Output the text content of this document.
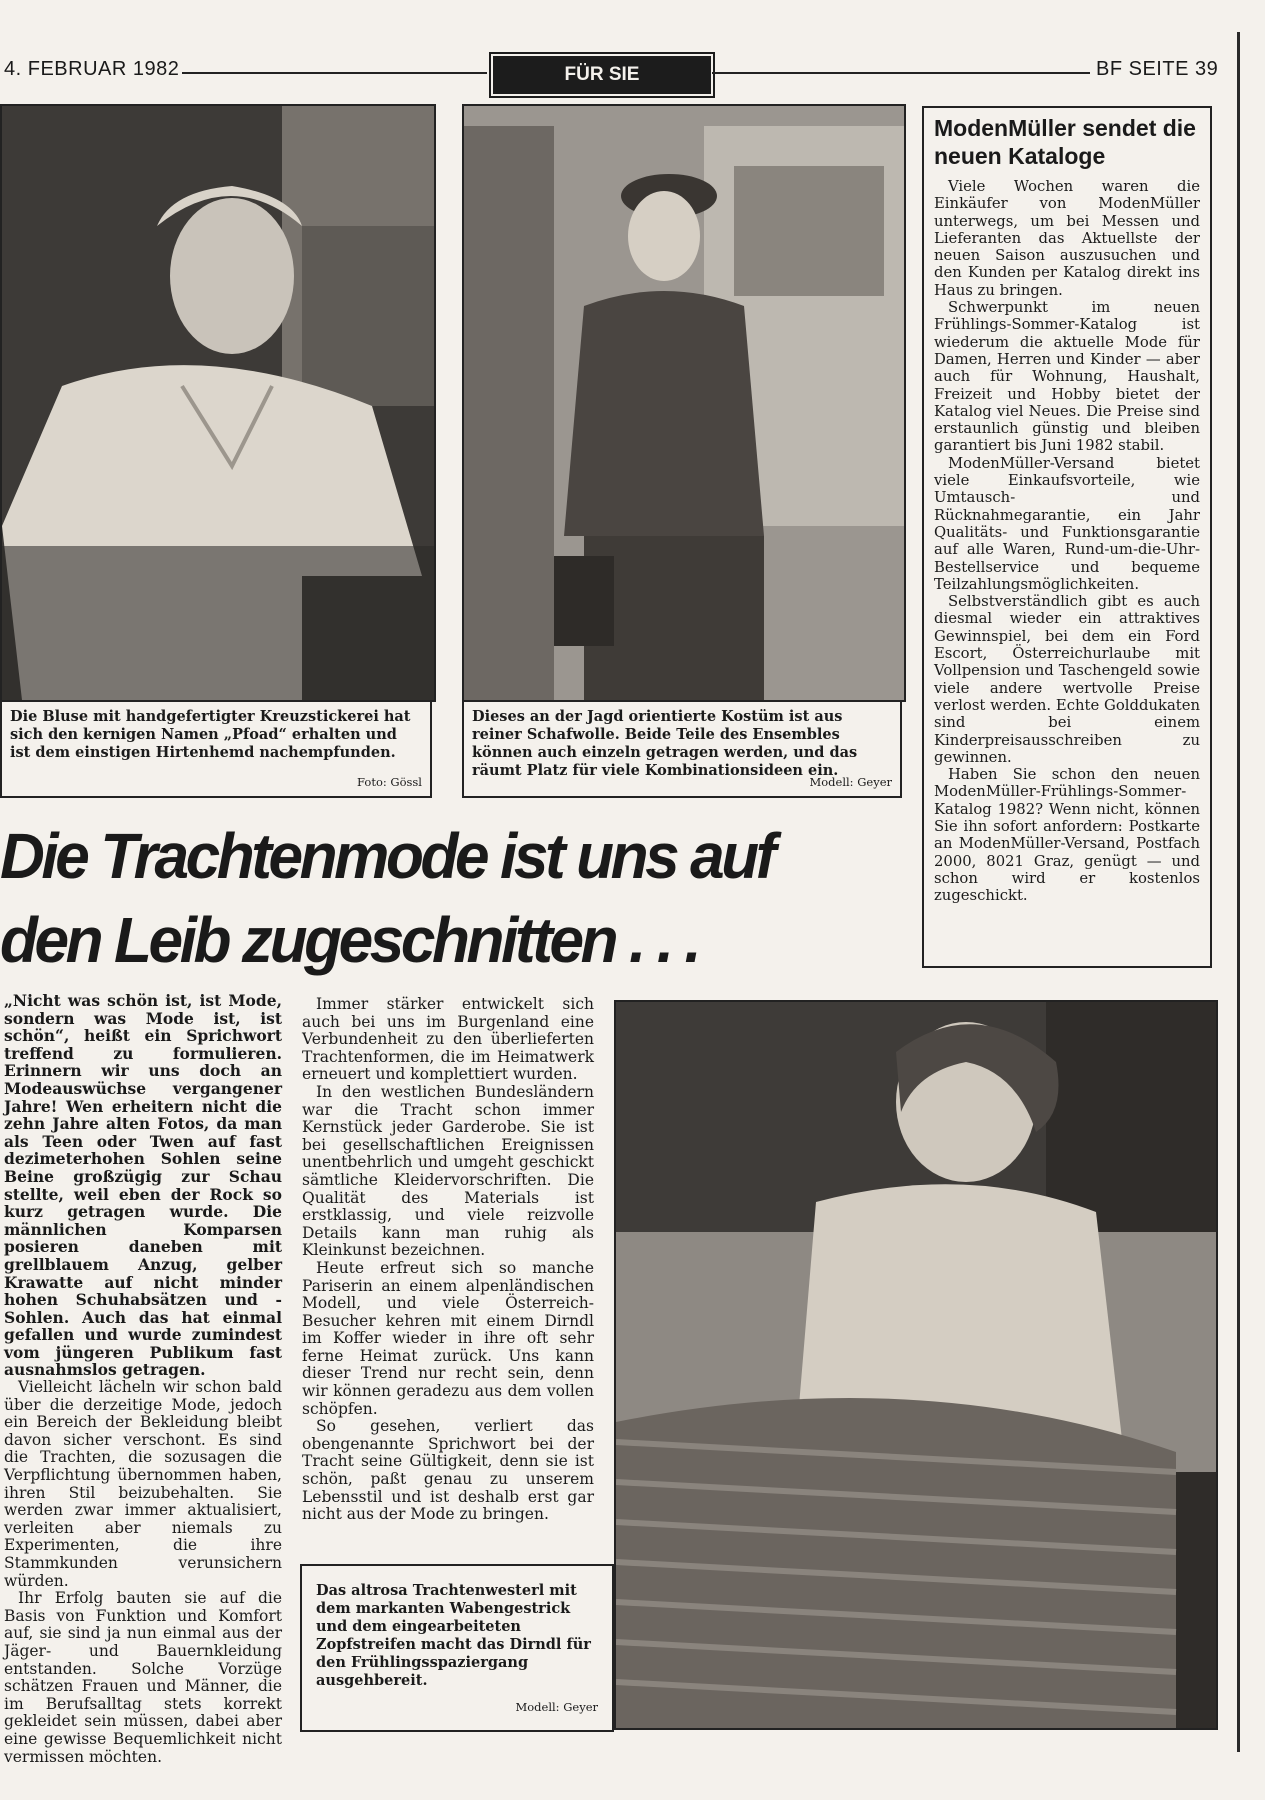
4. FEBRUAR 1982	FÜR SIE	BF SEITE 39
Die Bluse mit handgefertigter Kreuzstickerei hat sich den kernigen Namen „Pfoad“ erhalten und ist dem einstigen Hirtenhemd nachempfunden.
Foto: Gössl
Dieses an der Jagd orientierte Kostüm ist aus reiner Schafwolle. Beide Teile des Ensembles können auch einzeln getragen werden, und das räumt Platz für viele Kombinationsideen ein.
Modell: Geyer
ModenMüller sendet die neuen Kataloge

Viele Wochen waren die Einkäufer von ModenMüller unterwegs, um bei Messen und Lieferanten das Aktuellste der neuen Saison auszusuchen und den Kunden per Katalog direkt ins Haus zu bringen.

Schwerpunkt im neuen Frühlings-Sommer-Katalog ist wiederum die aktuelle Mode für Damen, Herren und Kinder — aber auch für Wohnung, Haushalt, Freizeit und Hobby bietet der Katalog viel Neues. Die Preise sind erstaunlich günstig und bleiben garantiert bis Juni 1982 stabil.

ModenMüller-Versand bietet viele Einkaufsvorteile, wie Umtausch- und Rücknahmegarantie, ein Jahr Qualitäts- und Funktionsgarantie auf alle Waren, Rund-um-die-Uhr-Bestellservice und bequeme Teilzahlungsmöglichkeiten.

Selbstverständlich gibt es auch diesmal wieder ein attraktives Gewinnspiel, bei dem ein Ford Escort, Österreichurlaube mit Vollpension und Taschengeld sowie viele andere wertvolle Preise verlost werden. Echte Golddukaten sind bei einem Kinderpreisausschreiben zu gewinnen.

Haben Sie schon den neuen ModenMüller-Frühlings-Sommer-Katalog 1982? Wenn nicht, können Sie ihn sofort anfordern: Postkarte an ModenMüller-Versand, Postfach 2000, 8021 Graz, genügt — und schon wird er kostenlos zugeschickt.

Die Trachtenmode ist uns auf
den Leib zugeschnitten . . .

„Nicht was schön ist, ist Mode, sondern was Mode ist, ist schön“, heißt ein Sprichwort treffend zu formulieren. Erinnern wir uns doch an Modeauswüchse vergangener Jahre! Wen erheitern nicht die zehn Jahre alten Fotos, da man als Teen oder Twen auf fast dezimeterhohen Sohlen seine Beine großzügig zur Schau stellte, weil eben der Rock so kurz getragen wurde. Die männlichen Komparsen posieren daneben mit grellblauem Anzug, gelber Krawatte auf nicht minder hohen Schuhabsätzen und -Sohlen. Auch das hat einmal gefallen und wurde zumindest vom jüngeren Publikum fast ausnahmslos getragen.

Vielleicht lächeln wir schon bald über die derzeitige Mode, jedoch ein Bereich der Bekleidung bleibt davon sicher verschont. Es sind die Trachten, die sozusagen die Verpflichtung übernommen haben, ihren Stil beizubehalten. Sie werden zwar immer aktualisiert, verleiten aber niemals zu Experimenten, die ihre Stammkunden verunsichern würden.

Ihr Erfolg bauten sie auf die Basis von Funktion und Komfort auf, sie sind ja nun einmal aus der Jäger- und Bauernkleidung entstanden. Solche Vorzüge schätzen Frauen und Männer, die im Berufsalltag stets korrekt gekleidet sein müssen, dabei aber eine gewisse Bequemlichkeit nicht vermissen möchten.

Immer stärker entwickelt sich auch bei uns im Burgenland eine Verbundenheit zu den überlieferten Trachtenformen, die im Heimatwerk erneuert und komplettiert wurden.

In den westlichen Bundesländern war die Tracht schon immer Kernstück jeder Garderobe. Sie ist bei gesellschaftlichen Ereignissen unentbehrlich und umgeht geschickt sämtliche Kleidervorschriften. Die Qualität des Materials ist erstklassig, und viele reizvolle Details kann man ruhig als Kleinkunst bezeichnen.

Heute erfreut sich so manche Pariserin an einem alpenländischen Modell, und viele Österreich-Besucher kehren mit einem Dirndl im Koffer wieder in ihre oft sehr ferne Heimat zurück. Uns kann dieser Trend nur recht sein, denn wir können geradezu aus dem vollen schöpfen.

So gesehen, verliert das obengenannte Sprichwort bei der Tracht seine Gültigkeit, denn sie ist schön, paßt genau zu unserem Lebensstil und ist deshalb erst gar nicht aus der Mode zu bringen.

Das altrosa Trachtenwesterl mit dem markanten Wabengestrick und dem eingearbeiteten Zopfstreifen macht das Dirndl für den Frühlingsspaziergang ausgehbereit.
Modell: Geyer
